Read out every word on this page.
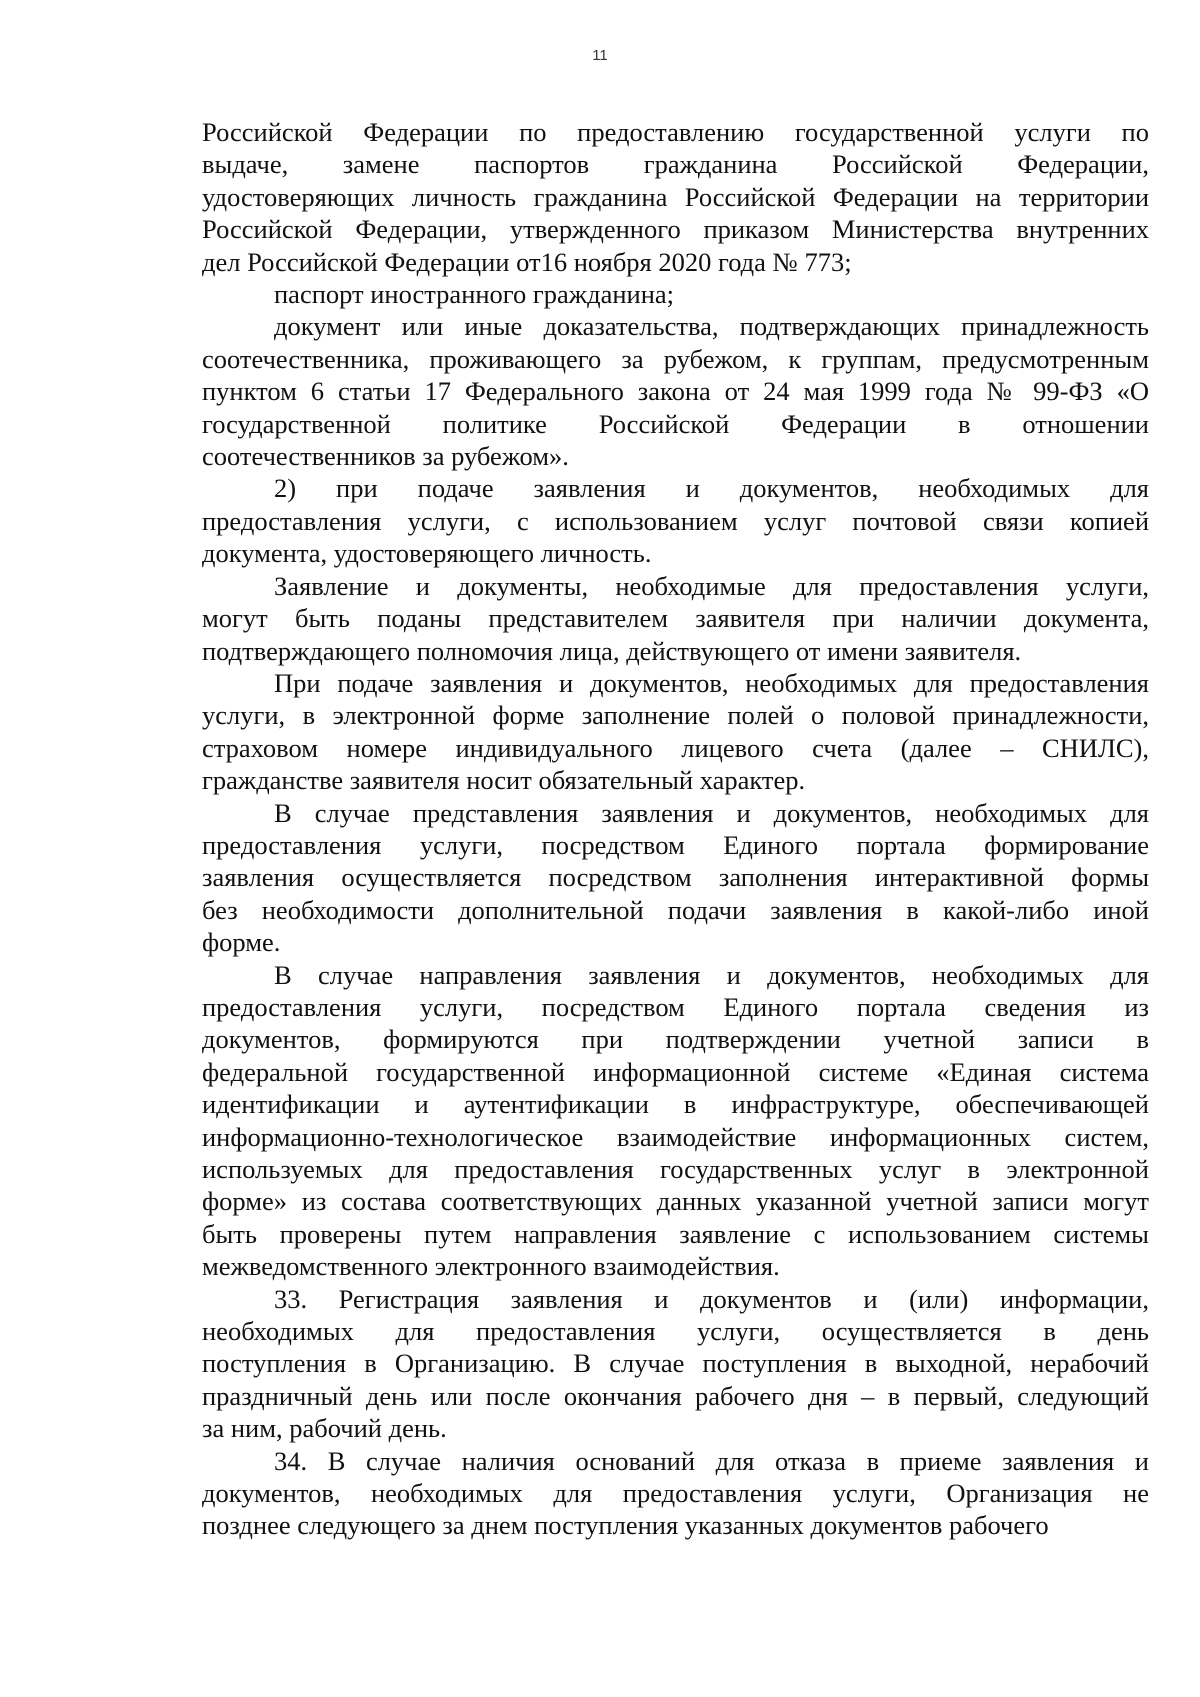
11
Российской Федерации по предоставлению государственной услуги по
выдаче, замене паспортов гражданина Российской Федерации,
удостоверяющих личность гражданина Российской Федерации на территории
Российской Федерации, утвержденного приказом Министерства внутренних
дел Российской Федерации от16 ноября 2020 года № 773;
паспорт иностранного гражданина;
документ или иные доказательства, подтверждающих принадлежность
соотечественника, проживающего за рубежом, к группам, предусмотренным
пунктом 6 статьи 17 Федерального закона от 24 мая 1999 года № 99-ФЗ «О
государственной политике Российской Федерации в отношении
соотечественников за рубежом».
2) при подаче заявления и документов, необходимых для
предоставления услуги, с использованием услуг почтовой связи копией
документа, удостоверяющего личность.
Заявление и документы, необходимые для предоставления услуги,
могут быть поданы представителем заявителя при наличии документа,
подтверждающего полномочия лица, действующего от имени заявителя.
При подаче заявления и документов, необходимых для предоставления
услуги, в электронной форме заполнение полей о половой принадлежности,
страховом номере индивидуального лицевого счета (далее – СНИЛС),
гражданстве заявителя носит обязательный характер.
В случае представления заявления и документов, необходимых для
предоставления услуги, посредством Единого портала формирование
заявления осуществляется посредством заполнения интерактивной формы
без необходимости дополнительной подачи заявления в какой-либо иной
форме.
В случае направления заявления и документов, необходимых для
предоставления услуги, посредством Единого портала сведения из
документов, формируются при подтверждении учетной записи в
федеральной государственной информационной системе «Единая система
идентификации и аутентификации в инфраструктуре, обеспечивающей
информационно-технологическое взаимодействие информационных систем,
используемых для предоставления государственных услуг в электронной
форме» из состава соответствующих данных указанной учетной записи могут
быть проверены путем направления заявление с использованием системы
межведомственного электронного взаимодействия.
33. Регистрация заявления и документов и (или) информации,
необходимых для предоставления услуги, осуществляется в день
поступления в Организацию. В случае поступления в выходной, нерабочий
праздничный день или после окончания рабочего дня – в первый, следующий
за ним, рабочий день.
34. В случае наличия оснований для отказа в приеме заявления и
документов, необходимых для предоставления услуги, Организация не
позднее следующего за днем поступления указанных документов рабочего
